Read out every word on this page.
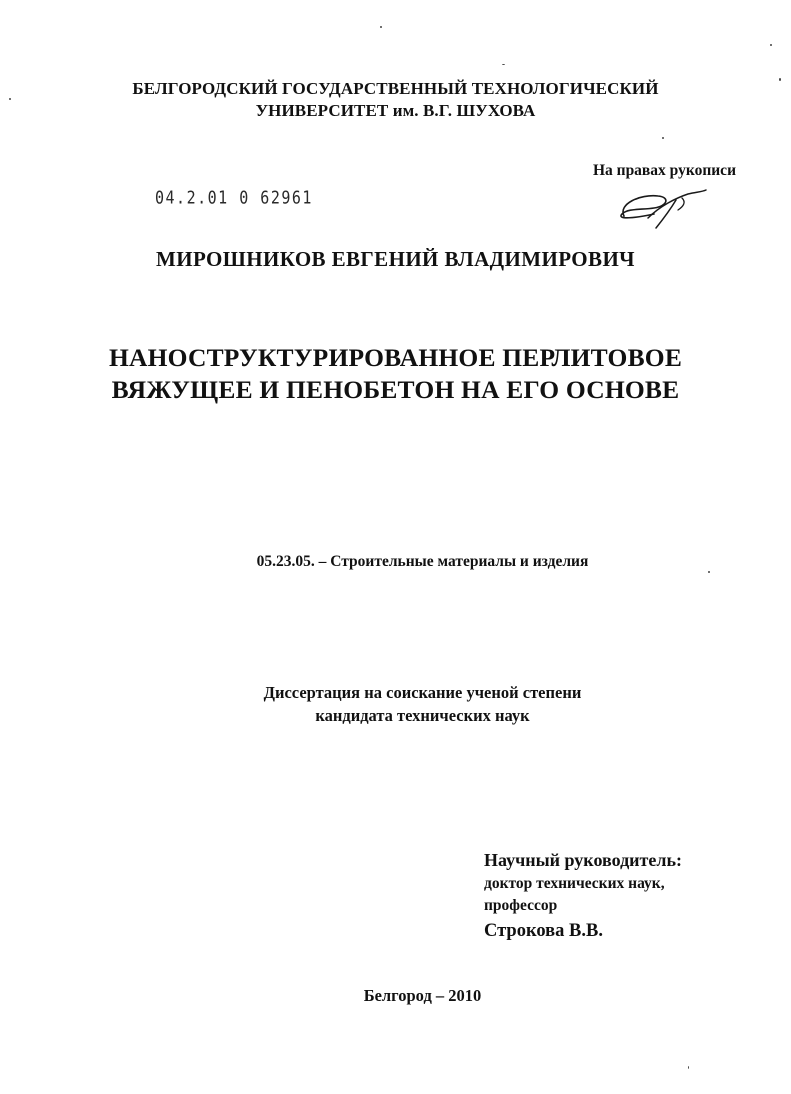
БЕЛГОРОДСКИЙ ГОСУДАРСТВЕННЫЙ ТЕХНОЛОГИЧЕСКИЙ
УНИВЕРСИТЕТ им. В.Г. ШУХОВА
На правах рукописи
04.2.01 0 62961
МИРОШНИКОВ ЕВГЕНИЙ ВЛАДИМИРОВИЧ
НАНОСТРУКТУРИРОВАННОЕ ПЕРЛИТОВОЕ
ВЯЖУЩЕЕ И ПЕНОБЕТОН НА ЕГО ОСНОВЕ
05.23.05. – Строительные материалы и изделия
Диссертация на соискание ученой степени
кандидата технических наук
Научный руководитель:
доктор технических наук,
профессор
Строкова В.В.
Белгород – 2010
